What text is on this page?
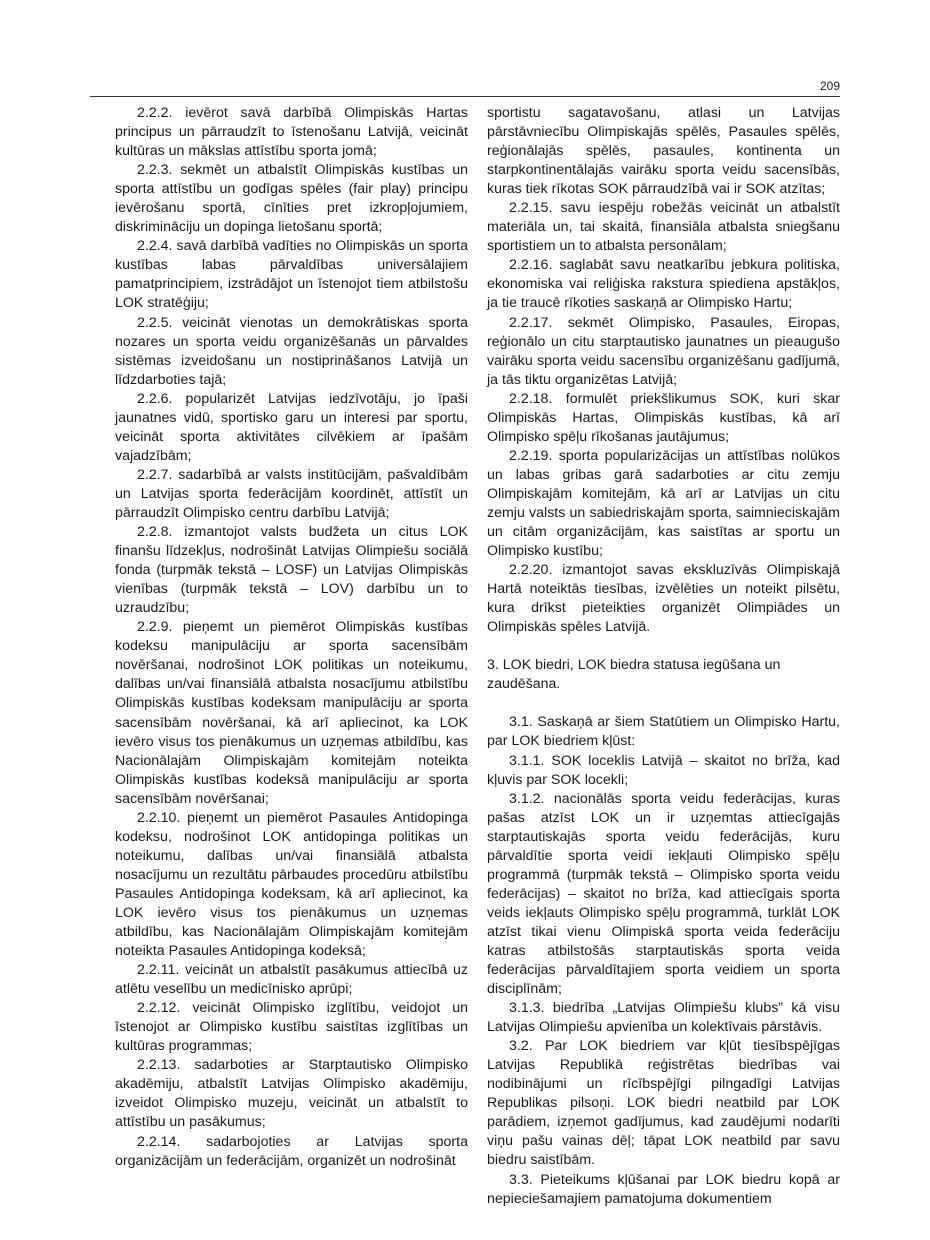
209

2.2.2. ievērot savā darbībā Olimpiskās Hartas principus un pārraudzīt to īstenošanu Latvijā, veicināt kultūras un mākslas attīstību sporta jomā;

2.2.3. sekmēt un atbalstīt Olimpiskās kustības un sporta attīstību un godīgas spēles (fair play) principu ievērošanu sportā, cīnīties pret izkropļojumiem, diskrimināciju un dopinga lietošanu sportā;

2.2.4. savā darbībā vadīties no Olimpiskās un sporta kustības labas pārvaldības universālajiem pamatprincipiem, izstrādājot un īstenojot tiem atbilstošu LOK stratēģiju;

2.2.5. veicināt vienotas un demokrātiskas sporta nozares un sporta veidu organizēšanās un pārvaldes sistēmas izveidošanu un nostiprināšanos Latvijā un līdzdarboties tajā;

2.2.6. popularizēt Latvijas iedzīvotāju, jo īpaši jaunatnes vidū, sportisko garu un interesi par sportu, veicināt sporta aktivitātes cilvēkiem ar īpašām vajadzībām;

2.2.7. sadarbībā ar valsts institūcijām, pašvaldībām un Latvijas sporta federācijām koordinēt, attīstīt un pārraudzīt Olimpisko centru darbību Latvijā;

2.2.8. izmantojot valsts budžeta un citus LOK finanšu līdzekļus, nodrošināt Latvijas Olimpiešu sociālā fonda (turpmāk tekstā – LOSF) un Latvijas Olimpiskās vienības (turpmāk tekstā – LOV) darbību un to uzraudzību;

2.2.9. pieņemt un piemērot Olimpiskās kustības kodeksu manipulāciju ar sporta sacensībām novēršanai, nodrošinot LOK politikas un noteikumu, dalības un/vai finansiālā atbalsta nosacījumu atbilstību Olimpiskās kustības kodeksam manipulāciju ar sporta sacensībām novēršanai, kā arī apliecinot, ka LOK ievēro visus tos pienākumus un uzņemas atbildību, kas Nacionālajām Olimpiskajām komitejām noteikta Olimpiskās kustības kodeksā manipulāciju ar sporta sacensībām novēršanai;

2.2.10. pieņemt un piemērot Pasaules Antidopinga kodeksu, nodrošinot LOK antidopinga politikas un noteikumu, dalības un/vai finansiālā atbalsta nosacījumu un rezultātu pārbaudes procedūru atbilstību Pasaules Antidopinga kodeksam, kā arī apliecinot, ka LOK ievēro visus tos pienākumus un uzņemas atbildību, kas Nacionālajām Olimpiskajām komitejām noteikta Pasaules Antidopinga kodeksā;

2.2.11. veicināt un atbalstīt pasākumus attiecībā uz atlētu veselību un medicīnisko aprūpi;

2.2.12. veicināt Olimpisko izglītību, veidojot un īstenojot ar Olimpisko kustību saistītas izglītības un kultūras programmas;

2.2.13. sadarboties ar Starptautisko Olimpisko akadēmiju, atbalstīt Latvijas Olimpisko akadēmiju, izveidot Olimpisko muzeju, veicināt un atbalstīt to attīstību un pasākumus;

2.2.14. sadarbojoties ar Latvijas sporta organizācijām un federācijām, organizēt un nodrošināt

sportistu sagatavošanu, atlasi un Latvijas pārstāvniecību Olimpiskajās spēlēs, Pasaules spēlēs, reģionālajās spēlēs, pasaules, kontinenta un starpkontinentālajās vairāku sporta veidu sacensībās, kuras tiek rīkotas SOK pārraudzībā vai ir SOK atzītas;

2.2.15. savu iespēju robežās veicināt un atbalstīt materiāla un, tai skaitā, finansiāla atbalsta sniegšanu sportistiem un to atbalsta personālam;

2.2.16. saglabāt savu neatkarību jebkura politiska, ekonomiska vai reliģiska rakstura spiediena apstākļos, ja tie traucē rīkoties saskaņā ar Olimpisko Hartu;

2.2.17. sekmēt Olimpisko, Pasaules, Eiropas, reģionālo un citu starptautisko jaunatnes un pieaugušo vairāku sporta veidu sacensību organizēšanu gadījumā, ja tās tiktu organizētas Latvijā;

2.2.18. formulēt priekšlikumus SOK, kuri skar Olimpiskās Hartas, Olimpiskās kustības, kā arī Olimpisko spēļu rīkošanas jautājumus;

2.2.19. sporta popularizācijas un attīstības nolūkos un labas gribas garā sadarboties ar citu zemju Olimpiskajām komitejām, kā arī ar Latvijas un citu zemju valsts un sabiedriskajām sporta, saimnieciskajām un citām organizācijām, kas saistītas ar sportu un Olimpisko kustību;

2.2.20. izmantojot savas ekskluzīvās Olimpiskajā Hartā noteiktās tiesības, izvēlēties un noteikt pilsētu, kura drīkst pieteikties organizēt Olimpiādes un Olimpiskās spēles Latvijā.

3. LOK biedri, LOK biedra statusa iegūšana un zaudēšana.

3.1. Saskaņā ar šiem Statūtiem un Olimpisko Hartu, par LOK biedriem kļūst:

3.1.1. SOK loceklis Latvijā – skaitot no brīža, kad kļuvis par SOK locekli;

3.1.2. nacionālās sporta veidu federācijas, kuras pašas atzīst LOK un ir uzņemtas attiecīgajās starptautiskajās sporta veidu federācijās, kuru pārvaldītie sporta veidi iekļauti Olimpisko spēļu programmā (turpmāk tekstā – Olimpisko sporta veidu federācijas) – skaitot no brīža, kad attiecīgais sporta veids iekļauts Olimpisko spēļu programmā, turklāt LOK atzīst tikai vienu Olimpiskā sporta veida federāciju katras atbilstošās starptautiskās sporta veida federācijas pārvaldītajiem sporta veidiem un sporta disciplīnām;

3.1.3. biedrība „Latvijas Olimpiešu klubs” kā visu Latvijas Olimpiešu apvienība un kolektīvais pārstāvis.

3.2. Par LOK biedriem var kļūt tiesībspējīgas Latvijas Republikā reģistrētas biedrības vai nodibinājumi un rīcībspējīgi pilngadīgi Latvijas Republikas pilsoņi. LOK biedri neatbild par LOK parādiem, izņemot gadījumus, kad zaudējumi nodarīti viņu pašu vainas dēļ; tāpat LOK neatbild par savu biedru saistībām.

3.3. Pieteikums kļūšanai par LOK biedru kopā ar nepieciešamajiem pamatojuma dokumentiem
